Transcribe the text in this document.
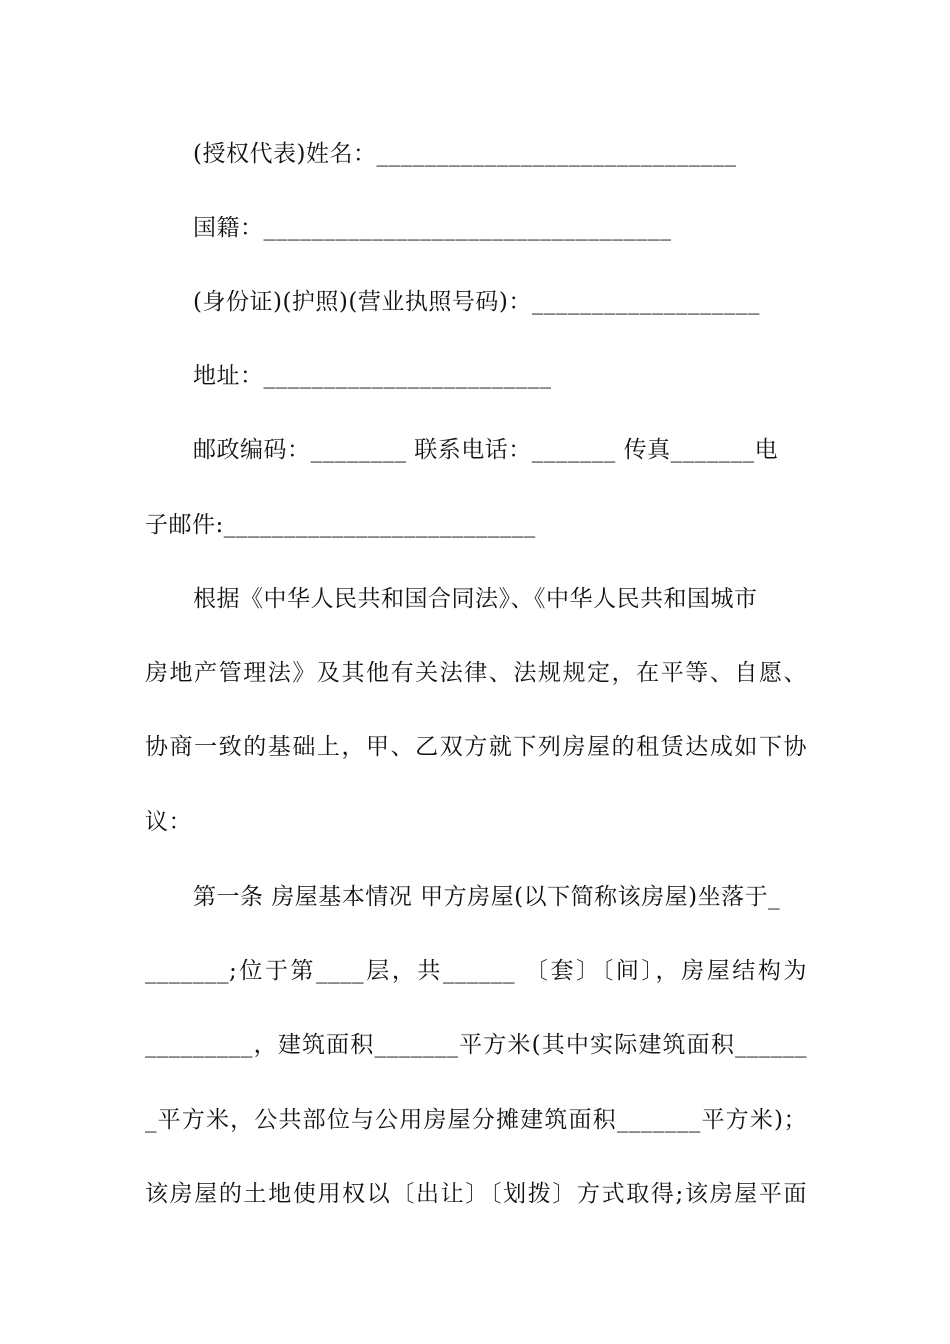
(授权代表)姓名：______________________________
国籍：__________________________________
(身份证)(护照)(营业执照号码)：___________________
地址：________________________
邮政编码：________ 联系电话：_______ 传真_______电
子邮件:__________________________
根据《中华人民共和国合同法》、《中华人民共和国城市
房地产管理法》及其他有关法律、法规规定，在平等、自愿、
协商一致的基础上，甲、乙双方就下列房屋的租赁达成如下协
议：
第一条 房屋基本情况 甲方房屋(以下简称该房屋)坐落于_
_______;位于第____层，共______ 〔套〕〔间〕，房屋结构为
_________，建筑面积_______平方米(其中实际建筑面积______
_平方米，公共部位与公用房屋分摊建筑面积_______平方米)；
该房屋的土地使用权以〔出让〕〔划拨〕方式取得;该房屋平面
